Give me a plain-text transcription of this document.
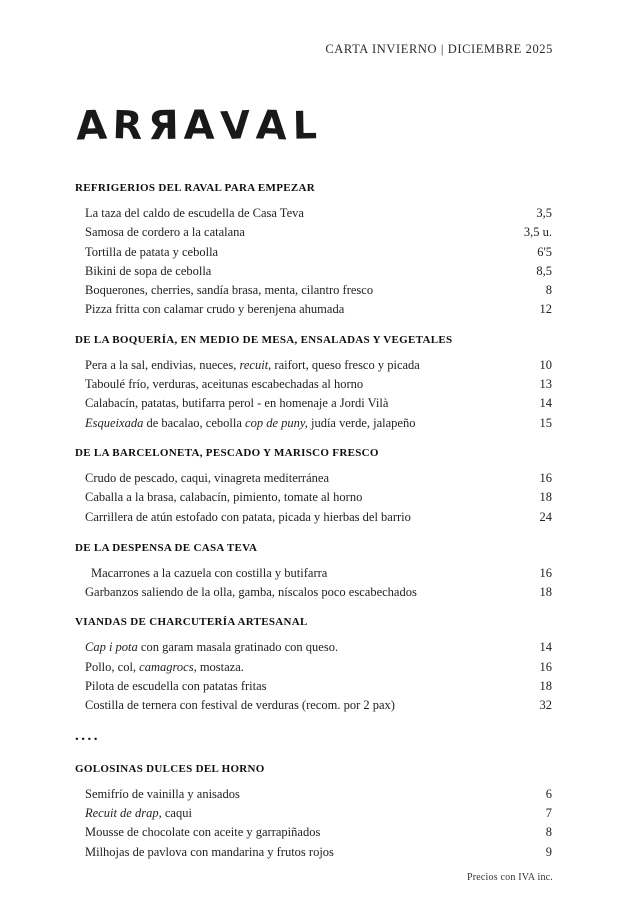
CARTA INVIERNO | DICIEMBRE 2025
ARЯAVAL
REFRIGERIOS DEL RAVAL PARA EMPEZAR
La taza del caldo de escudella de Casa Teva	3,5
Samosa de cordero a la catalana	3,5 u.
Tortilla de patata y cebolla	6'5
Bikini de sopa de cebolla	8,5
Boquerones, cherries, sandía brasa, menta, cilantro fresco	8
Pizza fritta con calamar crudo y berenjena ahumada	12
DE LA BOQUERÍA, EN MEDIO DE MESA, ENSALADAS Y VEGETALES
Pera a la sal, endivias, nueces, recuit, raifort, queso fresco y picada	10
Taboulé frío, verduras, aceitunas escabechadas al horno	13
Calabacín, patatas, butifarra perol - en homenaje a Jordi Vilà	14
Esqueixada de bacalao, cebolla cop de puny, judía verde, jalapeño	15
DE LA BARCELONETA, PESCADO Y MARISCO FRESCO
Crudo de pescado, caqui, vinagreta mediterránea	16
Caballa a la brasa, calabacín, pimiento, tomate al horno	18
Carrillera de atún estofado con patata, picada y hierbas del barrio	24
DE LA DESPENSA DE CASA TEVA
Macarrones a la cazuela con costilla y butifarra	16
Garbanzos saliendo de la olla, gamba, níscalos poco escabechados	18
VIANDAS DE CHARCUTERÍA ARTESANAL
Cap i pota con garam masala gratinado con queso.	14
Pollo, col, camagrocs, mostaza.	16
Pilota de escudella con patatas fritas	18
Costilla de ternera con festival de verduras (recom. por 2 pax)	32
....
GOLOSINAS DULCES DEL HORNO
Semifrío de vainilla y anisados	6
Recuit de drap, caqui	7
Mousse de chocolate con aceite y garrapiñados	8
Milhojas de pavlova con mandarina y frutos rojos	9
Precios con IVA inc.
